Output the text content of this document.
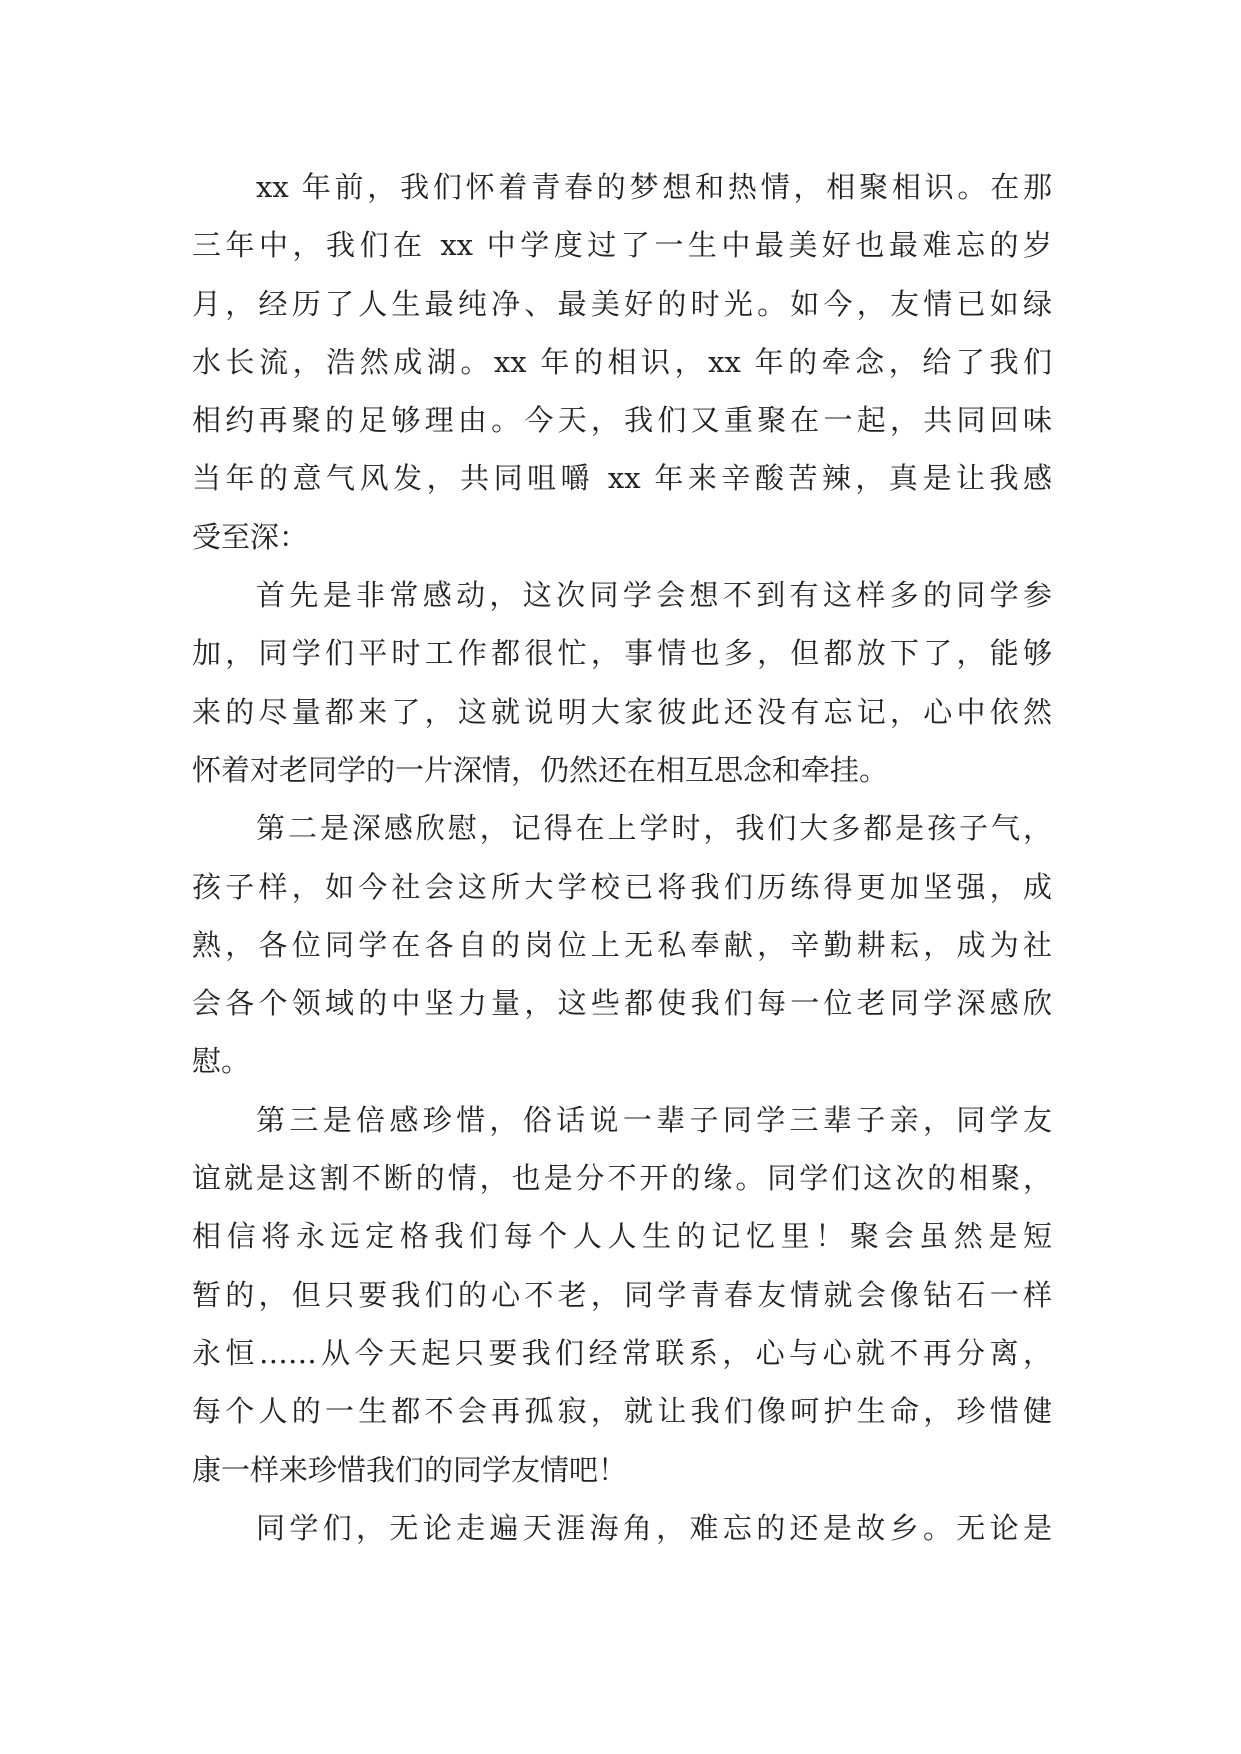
xx 年前，我们怀着青春的梦想和热情，相聚相识。在那
三年中，我们在 xx 中学度过了一生中最美好也最难忘的岁
月，经历了人生最纯净、最美好的时光。如今，友情已如绿
水长流，浩然成湖。xx 年的相识，xx 年的牵念，给了我们
相约再聚的足够理由。今天，我们又重聚在一起，共同回味
当年的意气风发，共同咀嚼 xx 年来辛酸苦辣，真是让我感
受至深：
首先是非常感动，这次同学会想不到有这样多的同学参
加，同学们平时工作都很忙，事情也多，但都放下了，能够
来的尽量都来了，这就说明大家彼此还没有忘记，心中依然
怀着对老同学的一片深情，仍然还在相互思念和牵挂。
第二是深感欣慰，记得在上学时，我们大多都是孩子气，
孩子样，如今社会这所大学校已将我们历练得更加坚强，成
熟，各位同学在各自的岗位上无私奉献，辛勤耕耘，成为社
会各个领域的中坚力量，这些都使我们每一位老同学深感欣
慰。
第三是倍感珍惜，俗话说一辈子同学三辈子亲，同学友
谊就是这割不断的情，也是分不开的缘。同学们这次的相聚，
相信将永远定格我们每个人人生的记忆里！聚会虽然是短
暂的，但只要我们的心不老，同学青春友情就会像钻石一样
永恒……从今天起只要我们经常联系，心与心就不再分离，
每个人的一生都不会再孤寂，就让我们像呵护生命，珍惜健
康一样来珍惜我们的同学友情吧！
同学们，无论走遍天涯海角，难忘的还是故乡。无论是
